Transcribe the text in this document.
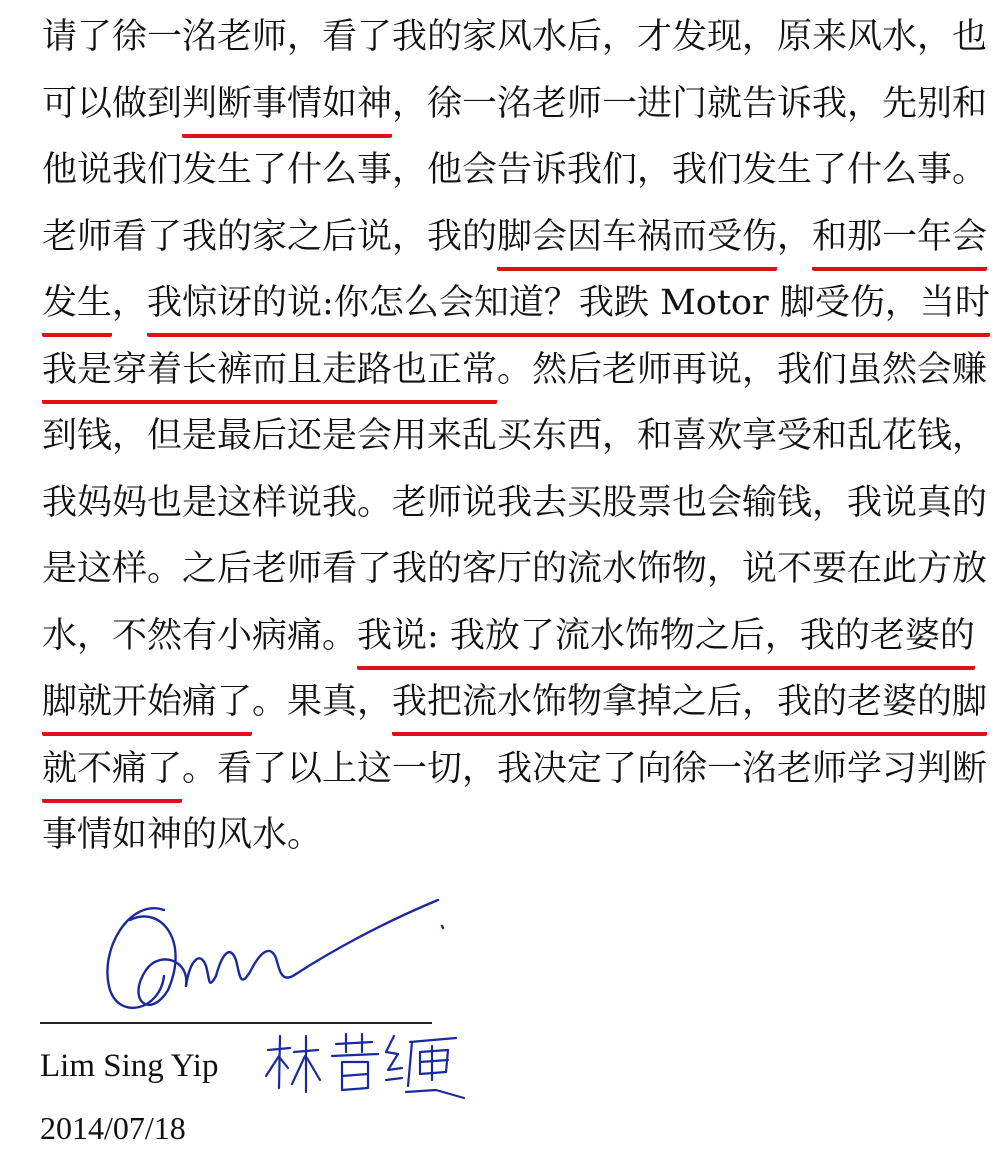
请了徐一洺老师，看了我的家风水后，才发现，原来风水，也
可以做到判断事情如神，徐一洺老师一进门就告诉我，先别和
他说我们发生了什么事，他会告诉我们，我们发生了什么事。
老师看了我的家之后说，我的脚会因车祸而受伤，和那一年会
发生，我惊讶的说:你怎么会知道？我跌 Motor 脚受伤，当时
我是穿着长裤而且走路也正常。然后老师再说，我们虽然会赚
到钱，但是最后还是会用来乱买东西，和喜欢享受和乱花钱，
我妈妈也是这样说我。老师说我去买股票也会输钱，我说真的
是这样。之后老师看了我的客厅的流水饰物，说不要在此方放
水，不然有小病痛。我说: 我放了流水饰物之后，我的老婆的
脚就开始痛了。果真，我把流水饰物拿掉之后，我的老婆的脚
就不痛了。看了以上这一切，我决定了向徐一洺老师学习判断
事情如神的风水。
Lim Sing Yip
2014/07/18
